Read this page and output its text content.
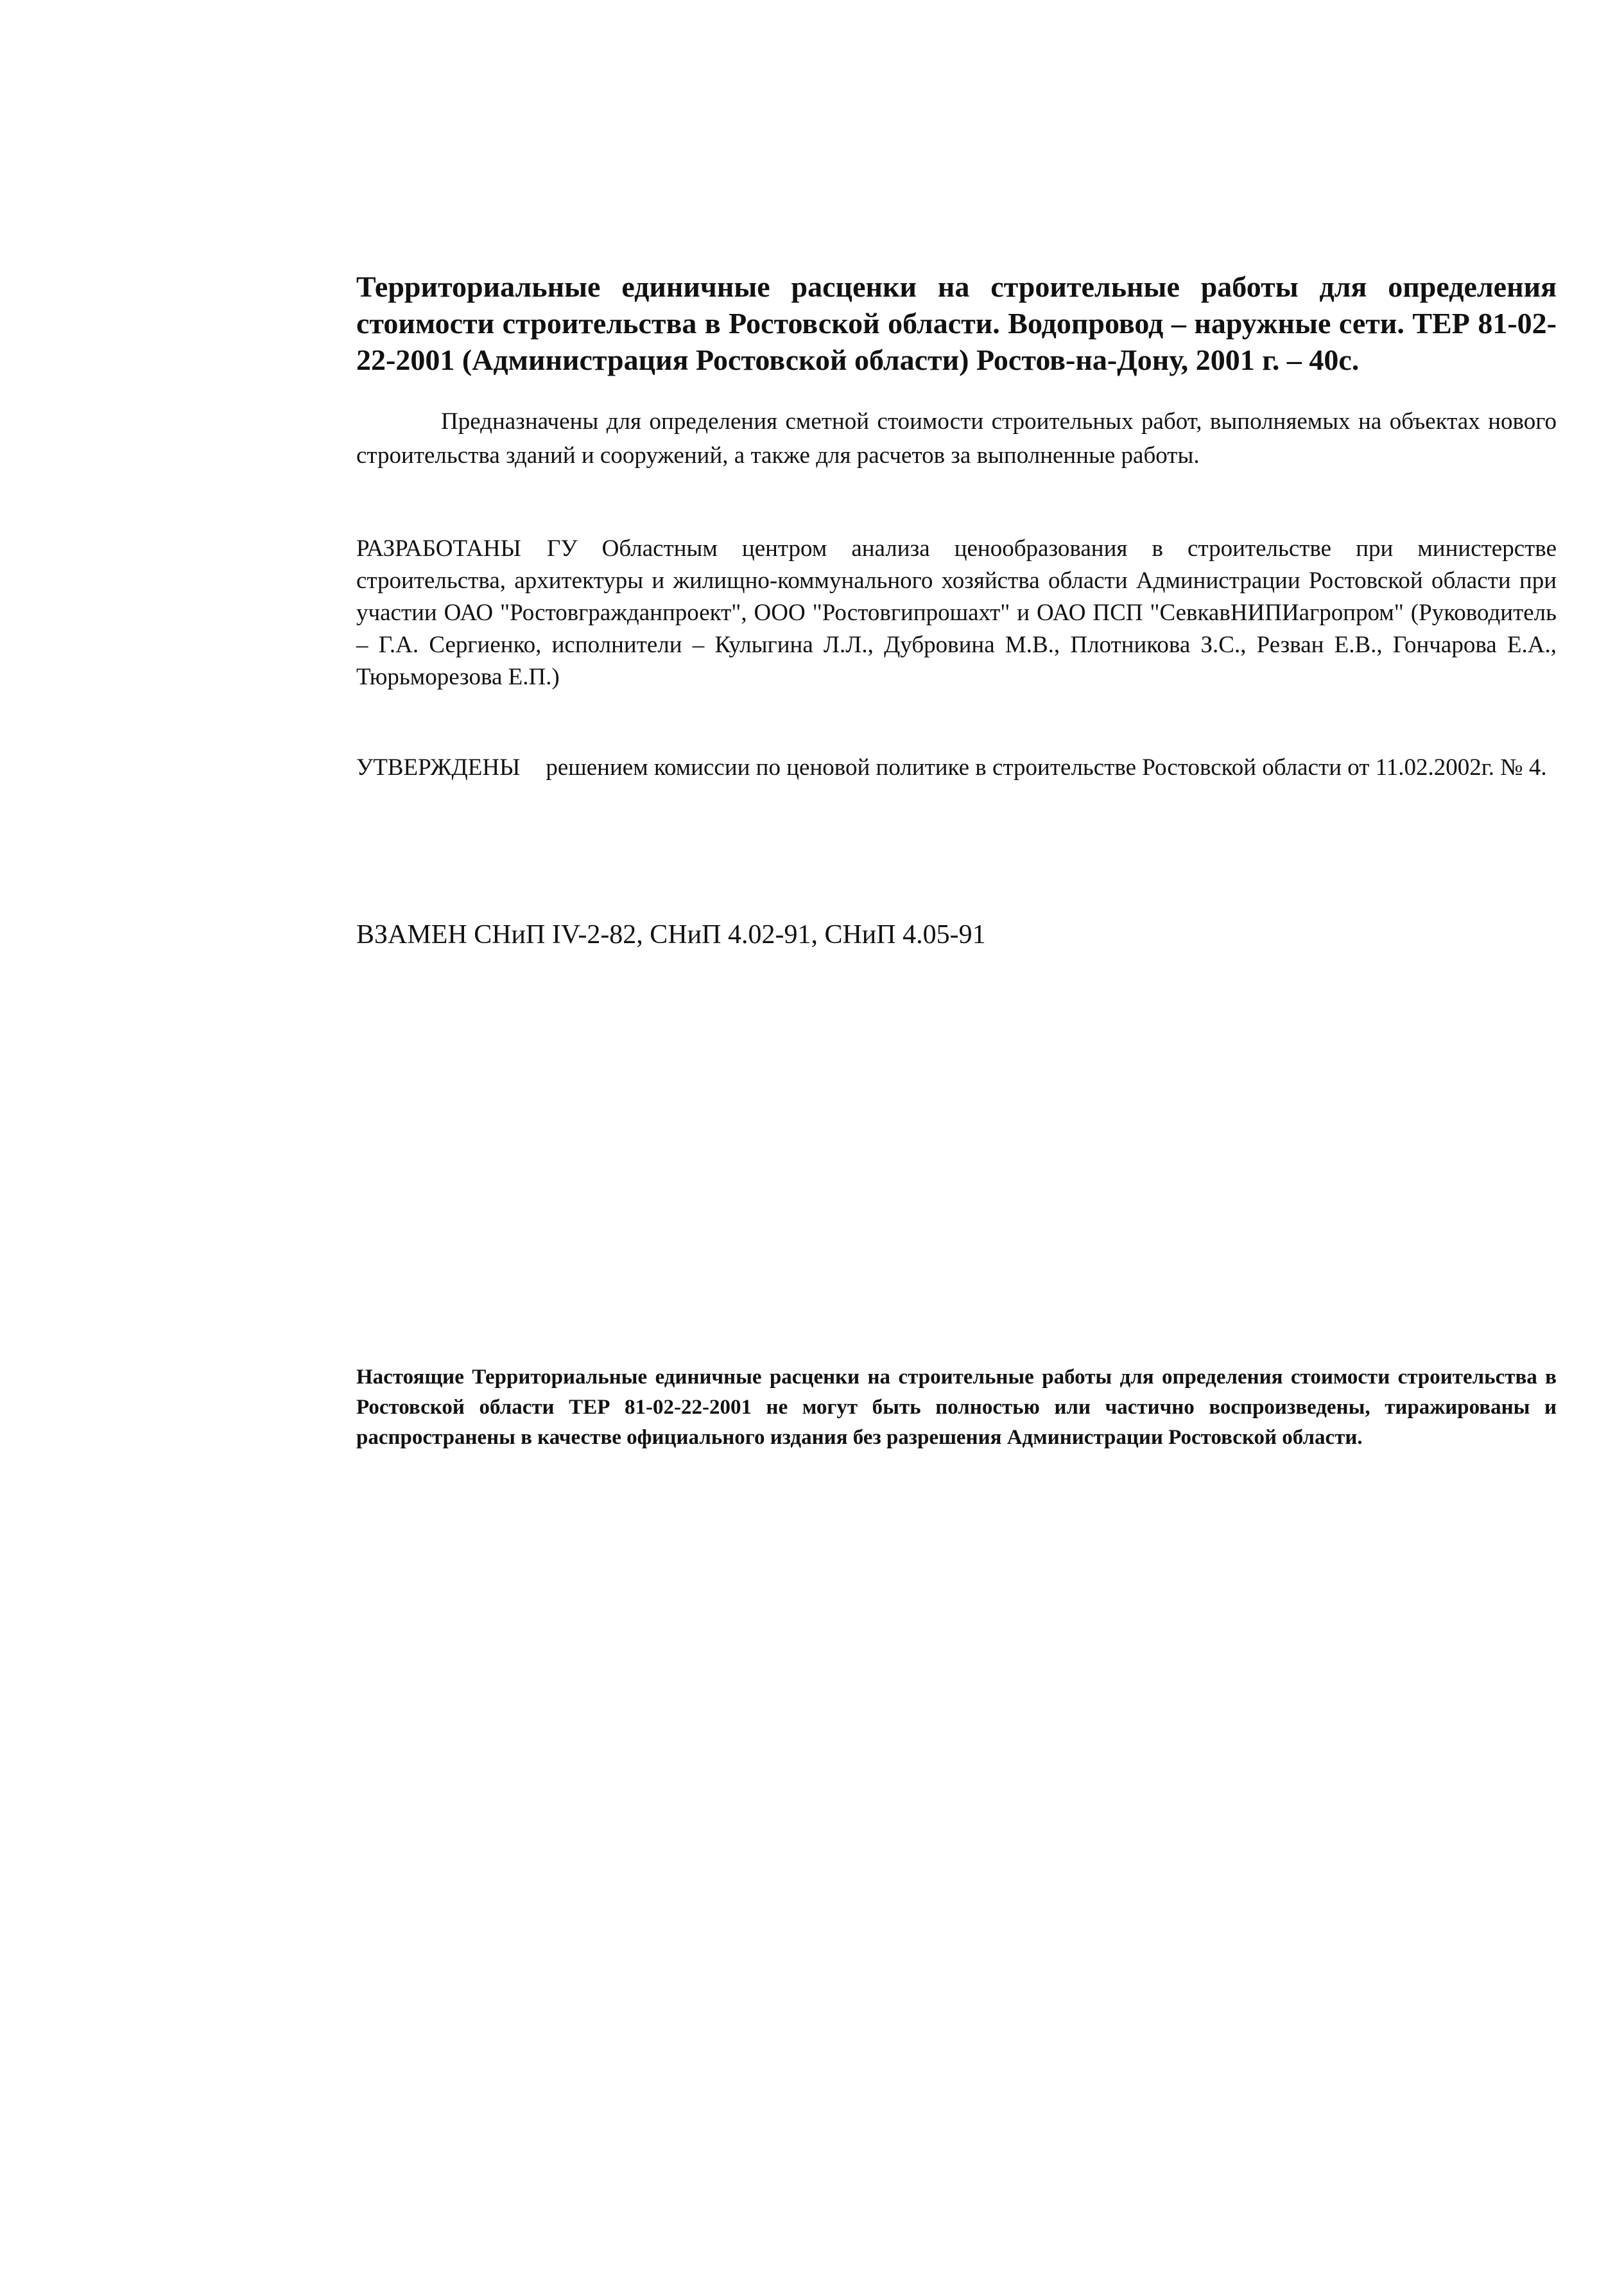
Территориальные единичные расценки на строительные работы для определения стоимости строительства в Ростовской области. Водопровод – наружные сети. ТЕР 81-02-22-2001 (Администрация Ростовской области) Ростов-на-Дону, 2001 г. – 40с.

Предназначены для определения сметной стоимости строительных работ, выполняемых на объектах нового строительства зданий и сооружений, а также для расчетов за выполненные работы.

РАЗРАБОТАНЫ ГУ Областным центром анализа ценообразования в строительстве при министерстве строительства, архитектуры и жилищно-коммунального хозяйства области Администрации Ростовской области при участии ОАО "Ростовгражданпроект", ООО "Ростовгипрошахт" и ОАО ПСП "СевкавНИПИагропром" (Руководитель – Г.А. Сергиенко, исполнители – Кулыгина Л.Л., Дубровина М.В., Плотникова З.С., Резван Е.В., Гончарова Е.А., Тюрьморезова Е.П.)

УТВЕРЖДЕНЫ решением комиссии по ценовой политике в строительстве Ростовской области от 11.02.2002г. № 4.

ВЗАМЕН СНиП IV-2-82, СНиП 4.02-91, СНиП 4.05-91

Настоящие Территориальные единичные расценки на строительные работы для определения стоимости строительства в Ростовской области ТЕР 81-02-22-2001 не могут быть полностью или частично воспроизведены, тиражированы и распространены в качестве официального издания без разрешения Администрации Ростовской области.
